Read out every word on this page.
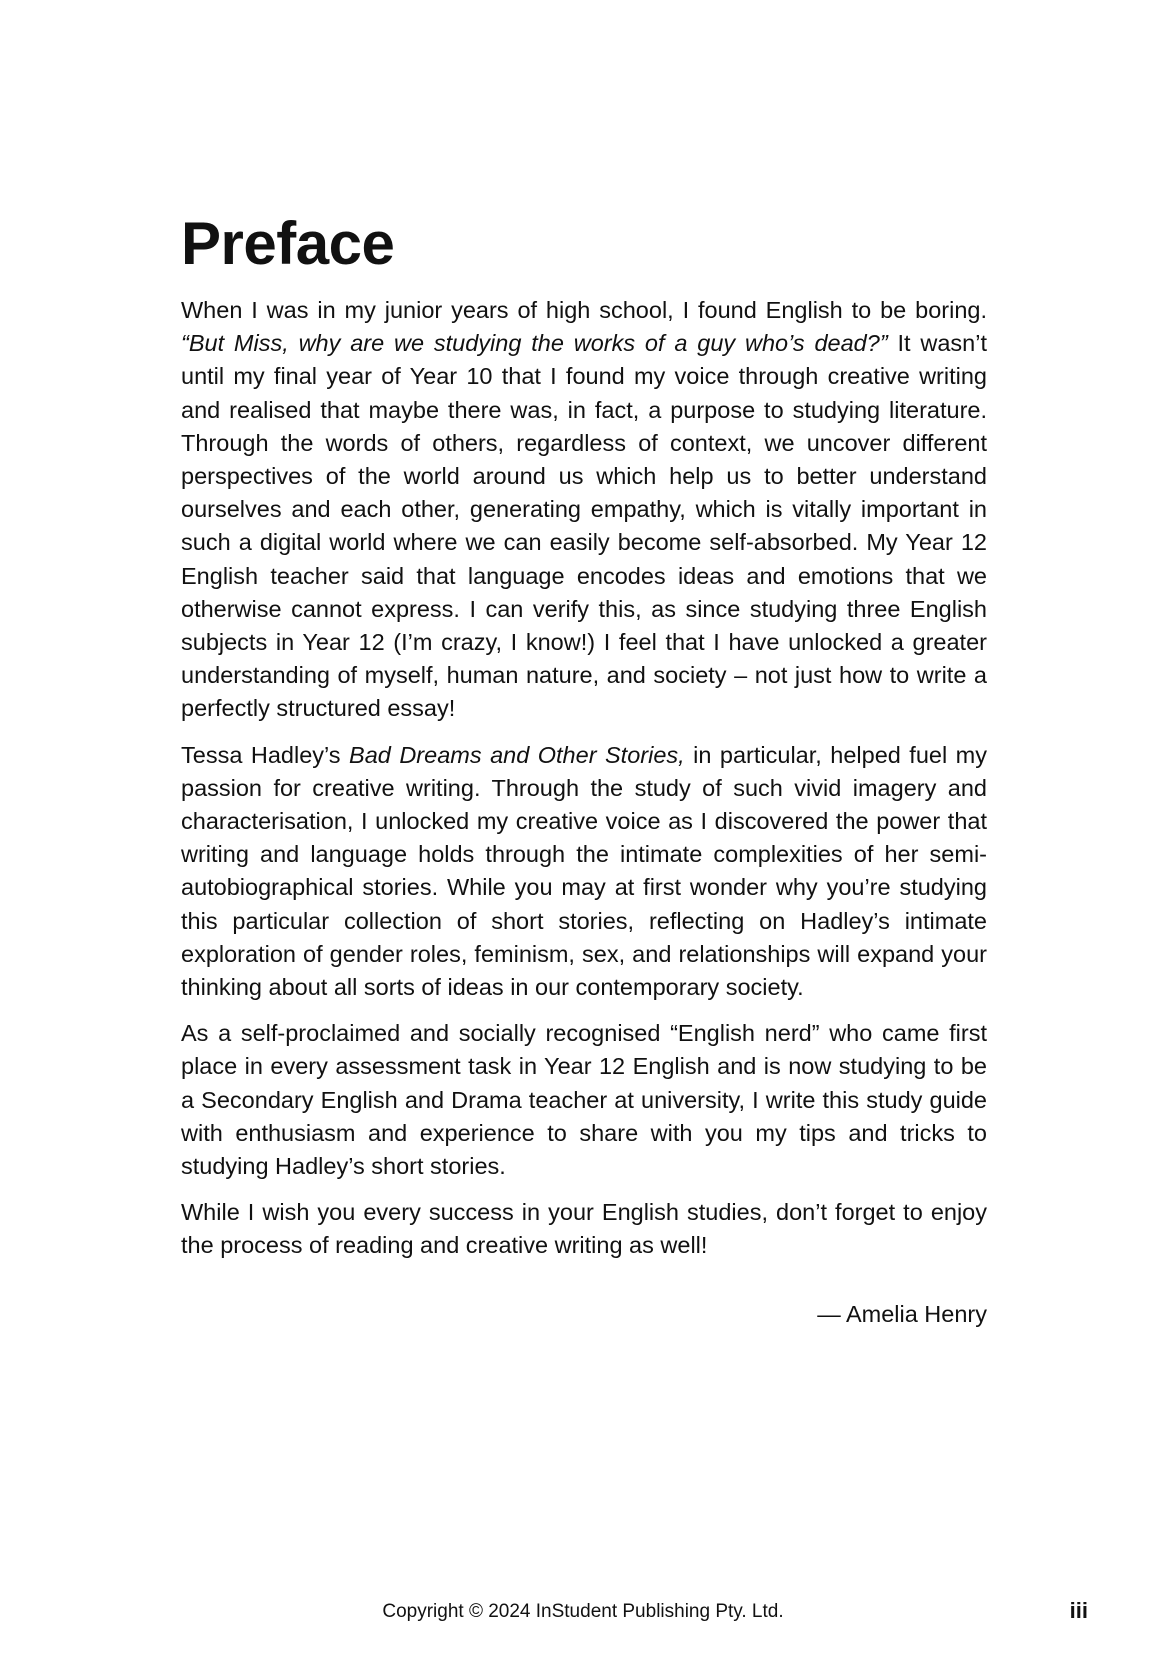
Preface

When I was in my junior years of high school, I found English to be boring. “But Miss, why are we studying the works of a guy who’s dead?” It wasn’t until my final year of Year 10 that I found my voice through creative writing and realised that maybe there was, in fact, a purpose to studying literature. Through the words of others, regardless of context, we uncover different perspectives of the world around us which help us to better understand ourselves and each other, generating empathy, which is vitally important in such a digital world where we can easily become self-absorbed. My Year 12 English teacher said that language encodes ideas and emotions that we otherwise cannot express. I can verify this, as since studying three English subjects in Year 12 (I’m crazy, I know!) I feel that I have unlocked a greater understanding of myself, human nature, and society – not just how to write a perfectly structured essay!

Tessa Hadley’s Bad Dreams and Other Stories, in particular, helped fuel my passion for creative writing. Through the study of such vivid imagery and characterisation, I unlocked my creative voice as I discovered the power that writing and language holds through the intimate complexities of her semi-autobiographical stories. While you may at first wonder why you’re studying this particular collection of short stories, reflecting on Hadley’s intimate exploration of gender roles, feminism, sex, and relationships will expand your thinking about all sorts of ideas in our contemporary society.

As a self-proclaimed and socially recognised “English nerd” who came first place in every assessment task in Year 12 English and is now studying to be a Secondary English and Drama teacher at university, I write this study guide with enthusiasm and experience to share with you my tips and tricks to studying Hadley’s short stories.

While I wish you every success in your English studies, don’t forget to enjoy the process of reading and creative writing as well!

— Amelia Henry

Copyright © 2024 InStudent Publishing Pty. Ltd.	iii
